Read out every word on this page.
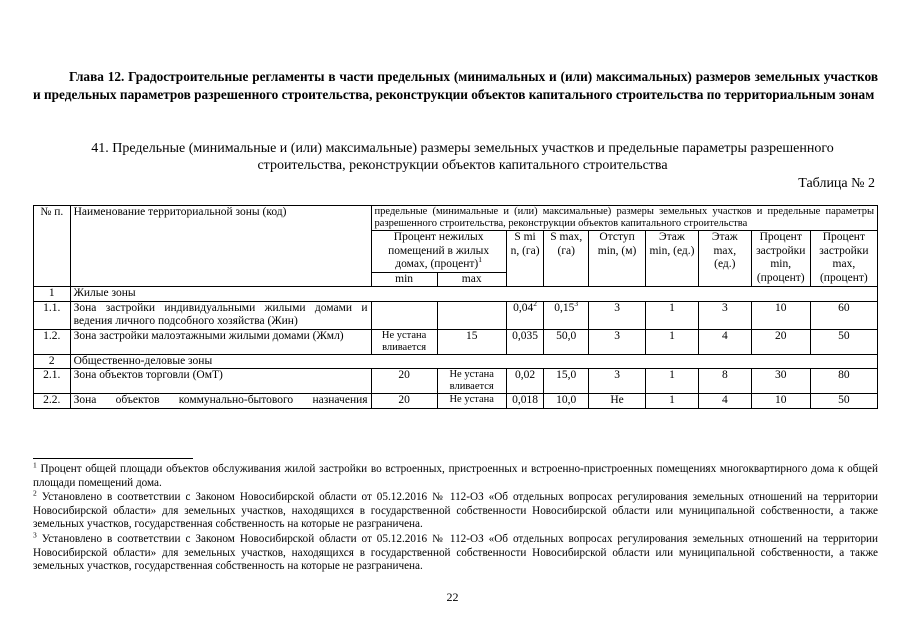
Глава 12. Градостроительные регламенты в части предельных (минимальных и (или) максимальных) размеров земельных участков и предельных параметров разрешенного строительства, реконструкции объектов капитального строительства по территориальным зонам
41. Предельные (минимальные и (или) максимальные) размеры земельных участков и предельные параметры разрешенного строительства, реконструкции объектов капитального строительства
Таблица № 2
№ п.	Наименование территориальной зоны (код)	предельные (минимальные и (или) максимальные) размеры земельных участков и предельные параметры разрешенного строительства, реконструкции объектов капитального строительства								
		Процент нежилых помещений в жилых домах, (процент)$^1$		S mi n, (га)	S max, (га)	Отступ min, (м)	Этаж min, (ед.)	Этаж max, (ед.)	Процент застройки min, (процент)	Процент застройки max, (процент)
		min	max							
1	Жилые зоны									
1.1.	Зона застройки индивидуальными жилыми домами и ведения личного подсобного хозяйства (Жин)			0,04$^2$	0,15$^3$	3	1	3	10	60
1.2.	Зона застройки малоэтажными жилыми домами (Жмл)	Не устана вливается	15	0,035	50,0	3	1	4	20	50
2	Общественно-деловые зоны									
2.1.	Зона объектов торговли (ОмТ)	20	Не устана вливается	0,02	15,0	3	1	8	30	80
2.2.	Зона объектов коммунально-бытового назначения	20	Не устана	0,018	10,0	Не	1	4	10	50

$^1$ Процент общей площади объектов обслуживания жилой застройки во встроенных, пристроенных и встроенно-пристроенных помещениях многоквартирного дома к общей площади помещений дома.

$^2$ Установлено в соответствии с Законом Новосибирской области от 05.12.2016 № 112-ОЗ «Об отдельных вопросах регулирования земельных отношений на территории Новосибирской области» для земельных участков, находящихся в государственной собственности Новосибирской области или муниципальной собственности, а также земельных участков, государственная собственность на которые не разграничена.

$^3$ Установлено в соответствии с Законом Новосибирской области от 05.12.2016 № 112-ОЗ «Об отдельных вопросах регулирования земельных отношений на территории Новосибирской области» для земельных участков, находящихся в государственной собственности Новосибирской области или муниципальной собственности, а также земельных участков, государственная собственность на которые не разграничена.

22
